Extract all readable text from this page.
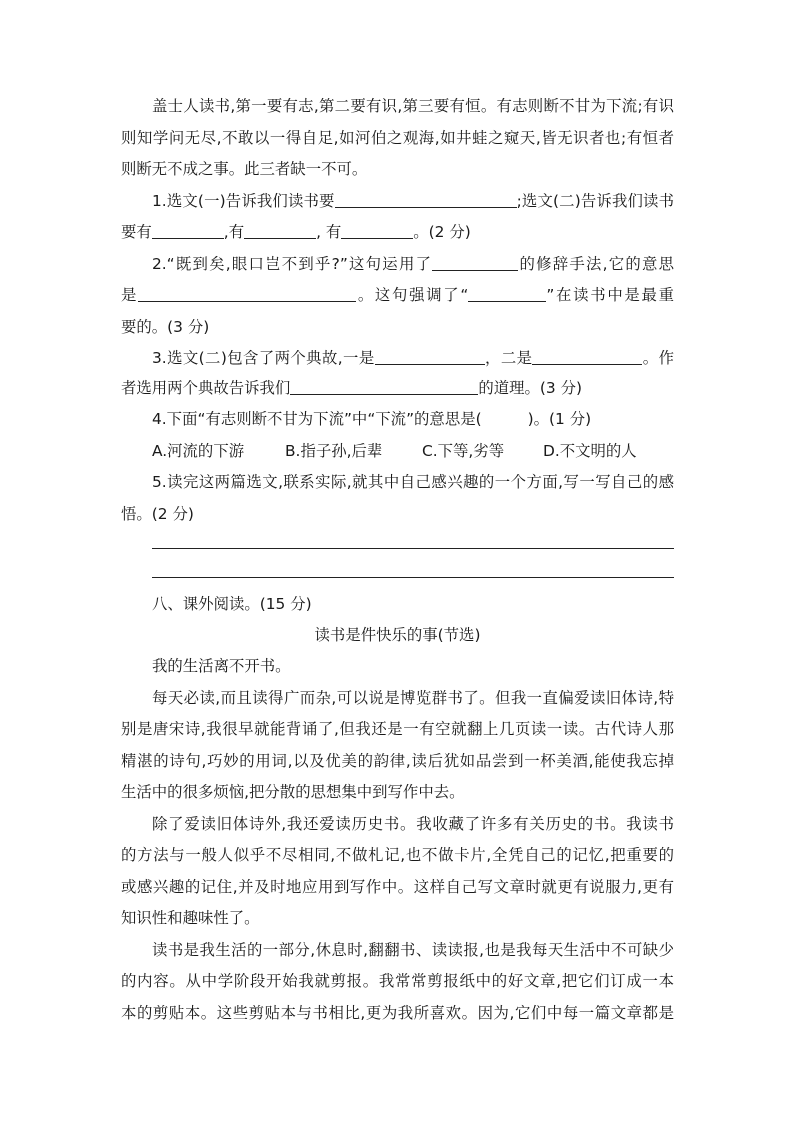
盖士人读书,第一要有志,第二要有识,第三要有恒。有志则断不甘为下流;有识
则知学问无尽,不敢以一得自足,如河伯之观海,如井蛙之窥天,皆无识者也;有恒者
则断无不成之事。此三者缺一不可。
1.选文(一)告诉我们读书要	;选文(二)告诉我们读书
要有	,有	, 有	。(2 分)
2.“既到矣,眼口岂不到乎?”这句运用了	的修辞手法,它的意思
是	。这句强调了“	”在读书中是最重
要的。(3 分)
3.选文(二)包含了两个典故,一是	，二是	。作
者选用两个典故告诉我们	的道理。(3 分)
4.下面“有志则断不甘为下流”中“下流”的意思是(	)。(1 分)
A.河流的下游	B.指子孙,后辈	C.下等,劣等	D.不文明的人
5.读完这两篇选文,联系实际,就其中自己感兴趣的一个方面,写一写自己的感
悟。(2 分)
八、课外阅读。(15 分)
读书是件快乐的事(节选)
我的生活离不开书。
每天必读,而且读得广而杂,可以说是博览群书了。但我一直偏爱读旧体诗,特
别是唐宋诗,我很早就能背诵了,但我还是一有空就翻上几页读一读。古代诗人那
精湛的诗句,巧妙的用词,以及优美的韵律,读后犹如品尝到一杯美酒,能使我忘掉
生活中的很多烦恼,把分散的思想集中到写作中去。
除了爱读旧体诗外,我还爱读历史书。我收藏了许多有关历史的书。我读书
的方法与一般人似乎不尽相同,不做札记,也不做卡片,全凭自己的记忆,把重要的
或感兴趣的记住,并及时地应用到写作中。这样自己写文章时就更有说服力,更有
知识性和趣味性了。
读书是我生活的一部分,休息时,翻翻书、读读报,也是我每天生活中不可缺少
的内容。从中学阶段开始我就剪报。我常常剪报纸中的好文章,把它们订成一本
本的剪贴本。这些剪贴本与书相比,更为我所喜欢。因为,它们中每一篇文章都是
